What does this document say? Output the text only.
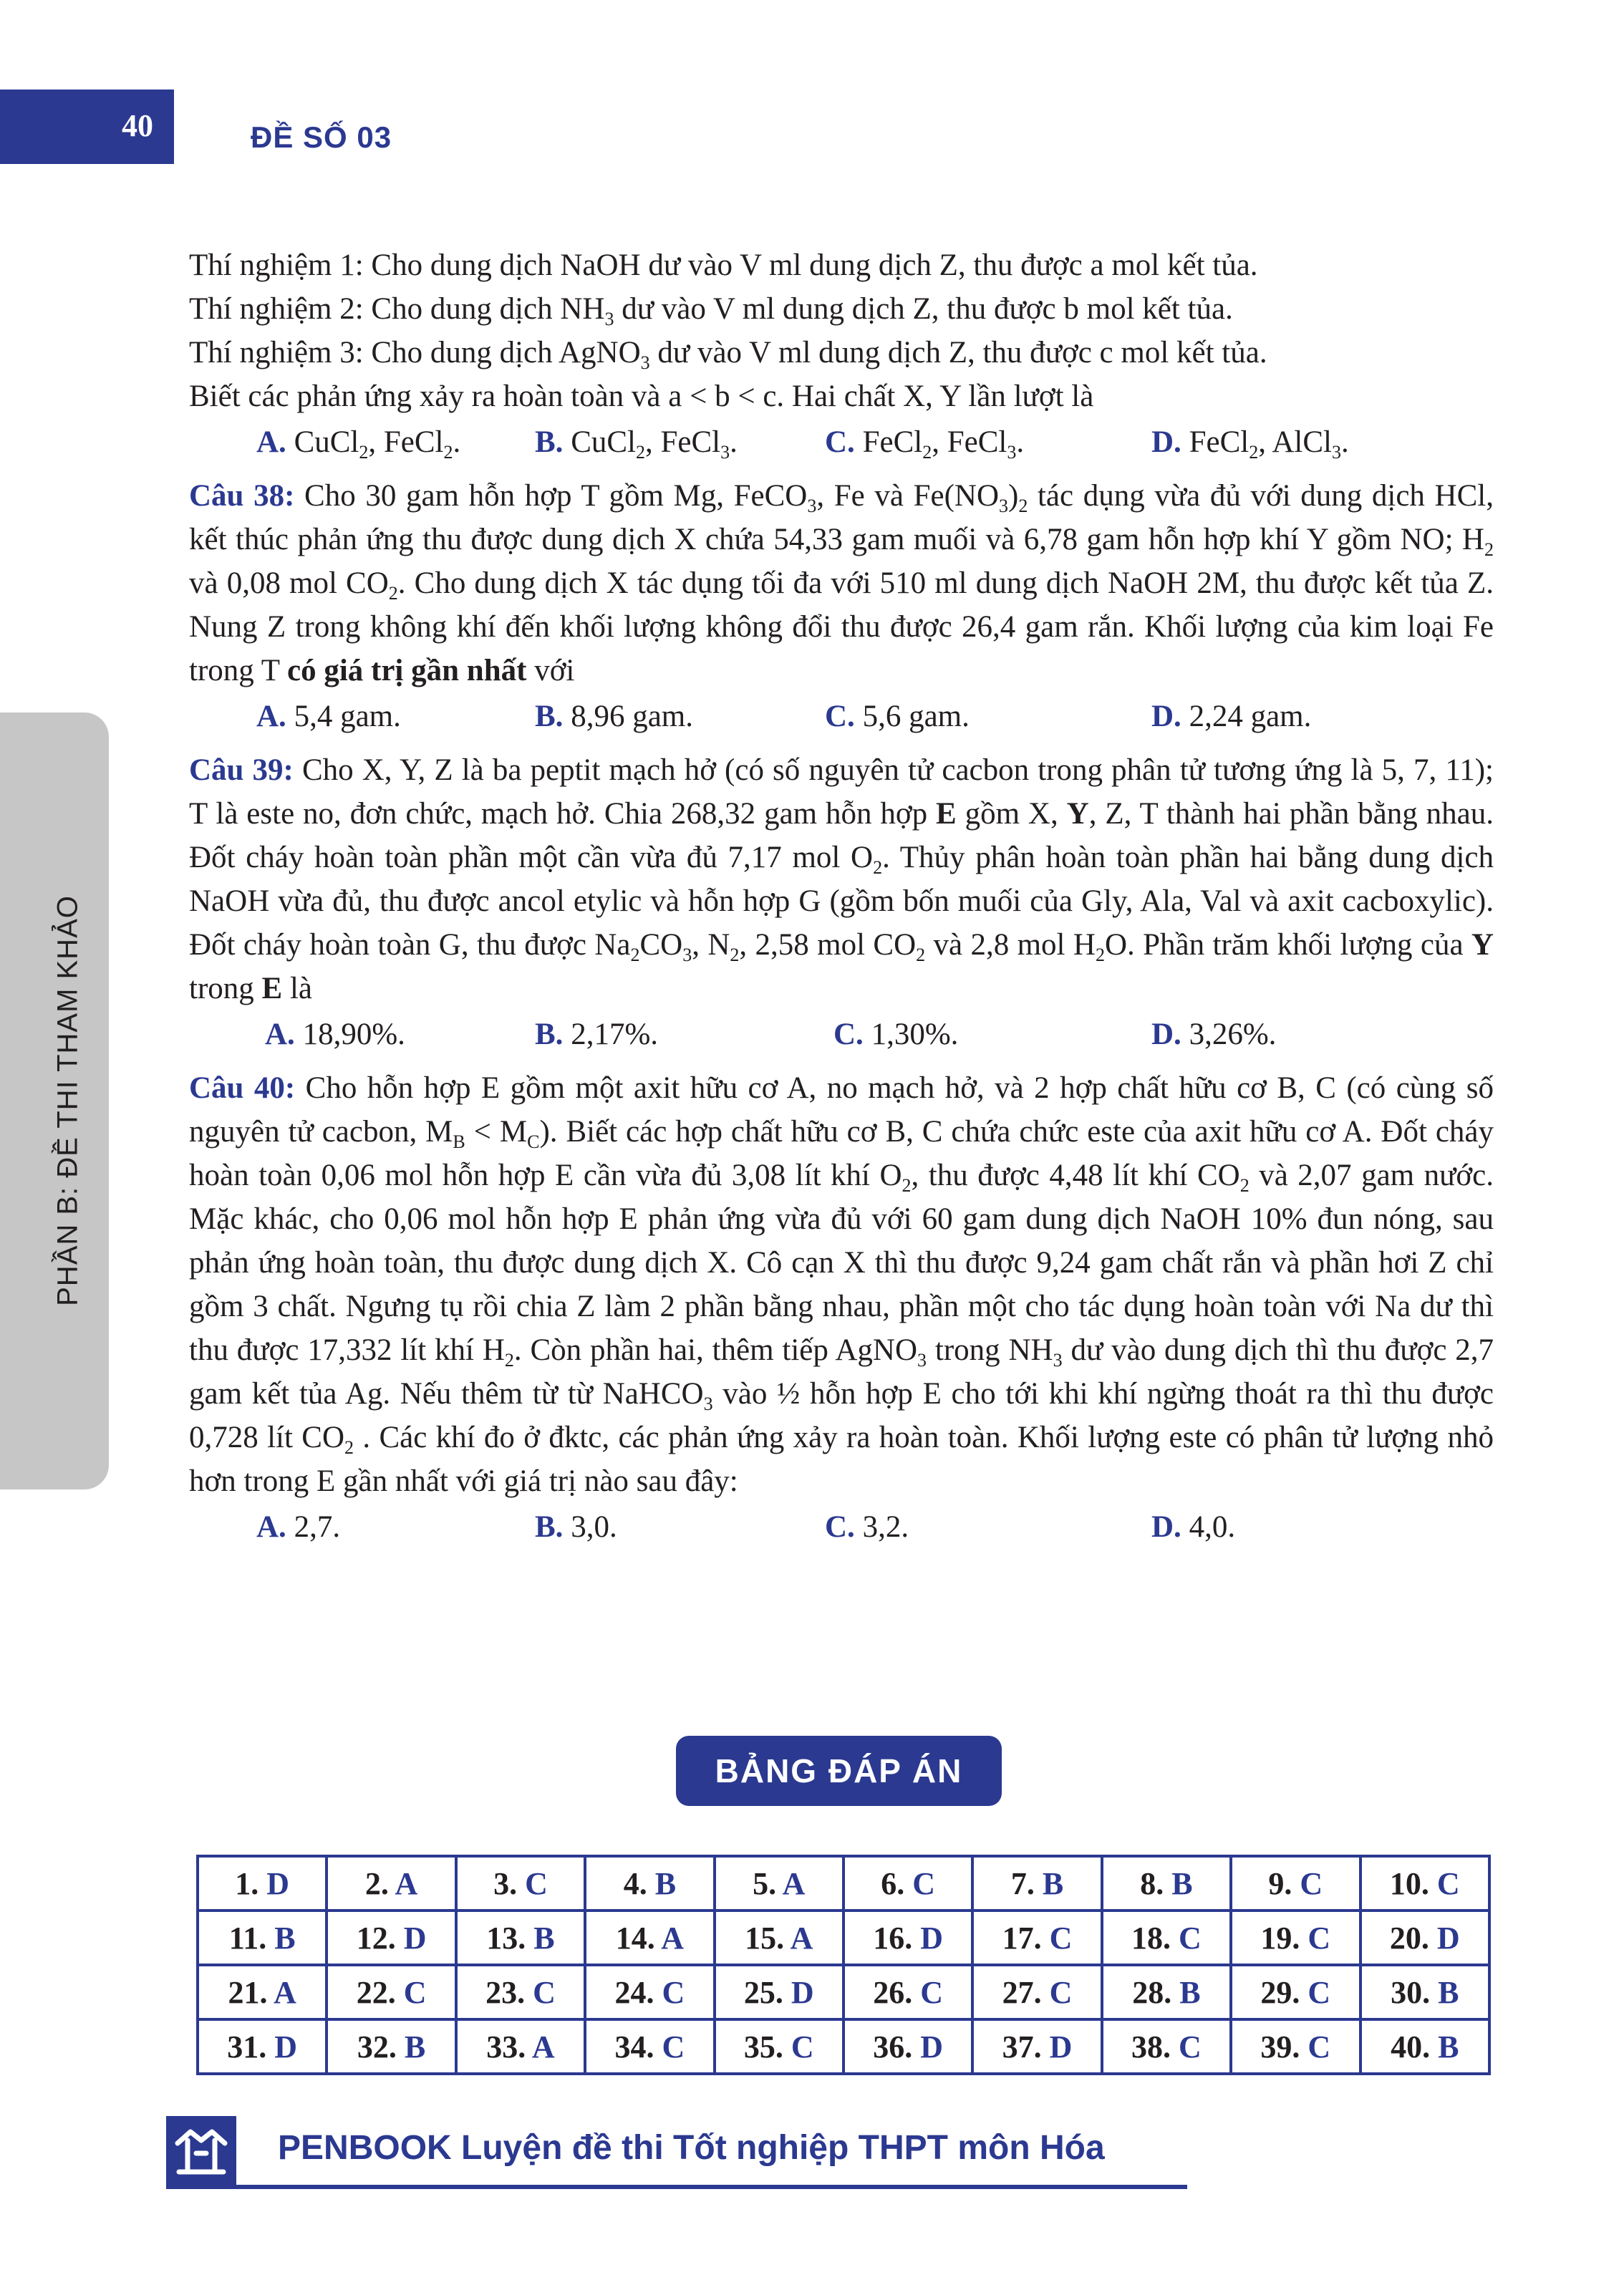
40	ĐỀ SỐ 03
PHẦN B: ĐỀ THI THAM KHẢO
Thí nghiệm 1: Cho dung dịch NaOH dư vào V ml dung dịch Z, thu được a mol kết tủa.
Thí nghiệm 2: Cho dung dịch $NH_3$ dư vào V ml dung dịch Z, thu được b mol kết tủa.
Thí nghiệm 3: Cho dung dịch AgNO$_3$ dư vào V ml dung dịch Z, thu được c mol kết tủa.
Biết các phản ứng xảy ra hoàn toàn và a < b < c. Hai chất X, Y lần lượt là
A. CuCl$_2$, FeCl$_2$. B. CuCl$_2$, FeCl$_3$.	C. FeCl$_2$, FeCl$_3$.	D. FeCl$_2$, AlCl$_3$.
Câu 38: Cho 30 gam hỗn hợp T gồm Mg, FeCO$_3$, Fe và $Fe(NO_3)_2$ tác dụng vừa đủ với dung dịch HCl, kết thúc phản ứng thu được dung dịch X chứa 54,33 gam muối và 6,78 gam hỗn hợp khí Y gồm NO; $H_2$ và 0,08 mol $CO_2$. Cho dung dịch X tác dụng tối đa với 510 ml dung dịch NaOH 2M, thu được kết tủa Z. Nung Z trong không khí đến khối lượng không đổi thu được 26,4 gam rắn. Khối lượng của kim loại Fe trong T có giá trị gần nhất với
A. 5,4 gam.	B. 8,96 gam.	C. 5,6 gam.	D. 2,24 gam.
Câu 39: Cho X, Y, Z là ba peptit mạch hở (có số nguyên tử cacbon trong phân tử tương ứng là 5, 7, 11); T là este no, đơn chức, mạch hở. Chia 268,32 gam hỗn hợp E gồm X, Y, Z, T thành hai phần bằng nhau. Đốt cháy hoàn toàn phần một cần vừa đủ 7,17 mol $O_2$. Thủy phân hoàn toàn phần hai bằng dung dịch NaOH vừa đủ, thu được ancol etylic và hỗn hợp G (gồm bốn muối của Gly, Ala, Val và axit cacboxylic). Đốt cháy hoàn toàn G, thu được $Na_2CO_3$, $N_2$, 2,58 mol $CO_2$ và 2,8 mol $H_2O$. Phần trăm khối lượng của Y trong E là
A. 18,90%.	B. 2,17%.	C. 1,30%.	D. 3,26%.
Câu 40: Cho hỗn hợp E gồm một axit hữu cơ A, no mạch hở, và 2 hợp chất hữu cơ B, C (có cùng số nguyên tử cacbon, $M_B < M_C$). Biết các hợp chất hữu cơ B, C chứa chức este của axit hữu cơ A. Đốt cháy hoàn toàn 0,06 mol hỗn hợp E cần vừa đủ 3,08 lít khí $O_2$, thu được 4,48 lít khí $CO_2$ và 2,07 gam nước. Mặc khác, cho 0,06 mol hỗn hợp E phản ứng vừa đủ với 60 gam dung dịch NaOH 10% đun nóng, sau phản ứng hoàn toàn, thu được dung dịch X. Cô cạn X thì thu được 9,24 gam chất rắn và phần hơi Z chỉ gồm 3 chất. Ngưng tụ rồi chia Z làm 2 phần bằng nhau, phần một cho tác dụng hoàn toàn với Na dư thì thu được 17,332 lít khí $H_2$. Còn phần hai, thêm tiếp AgNO$_3$ trong $NH_3$ dư vào dung dịch thì thu được 2,7 gam kết tủa Ag. Nếu thêm từ từ NaHCO$_3$ vào ½ hỗn hợp E cho tới khi khí ngừng thoát ra thì thu được 0,728 lít $CO_2$ . Các khí đo ở đktc, các phản ứng xảy ra hoàn toàn. Khối lượng este có phân tử lượng nhỏ hơn trong E gần nhất với giá trị nào sau đây:
A. 2,7.	B. 3,0.	C. 3,2.	D. 4,0.
BẢNG ĐÁP ÁN
1. D	2. A	3. C	4. B	5. A	6. C	7. B	8. B	9. C	10. C
11. B	12. D	13. B	14. A	15. A	16. D	17. C	18. C	19. C	20. D
21. A	22. C	23. C	24. C	25. D	26. C	27. C	28. B	29. C	30. B
31. D	32. B	33. A	34. C	35. C	36. D	37. D	38. C	39. C	40. B
PENBOOK Luyện đề thi Tốt nghiệp THPT môn Hóa
